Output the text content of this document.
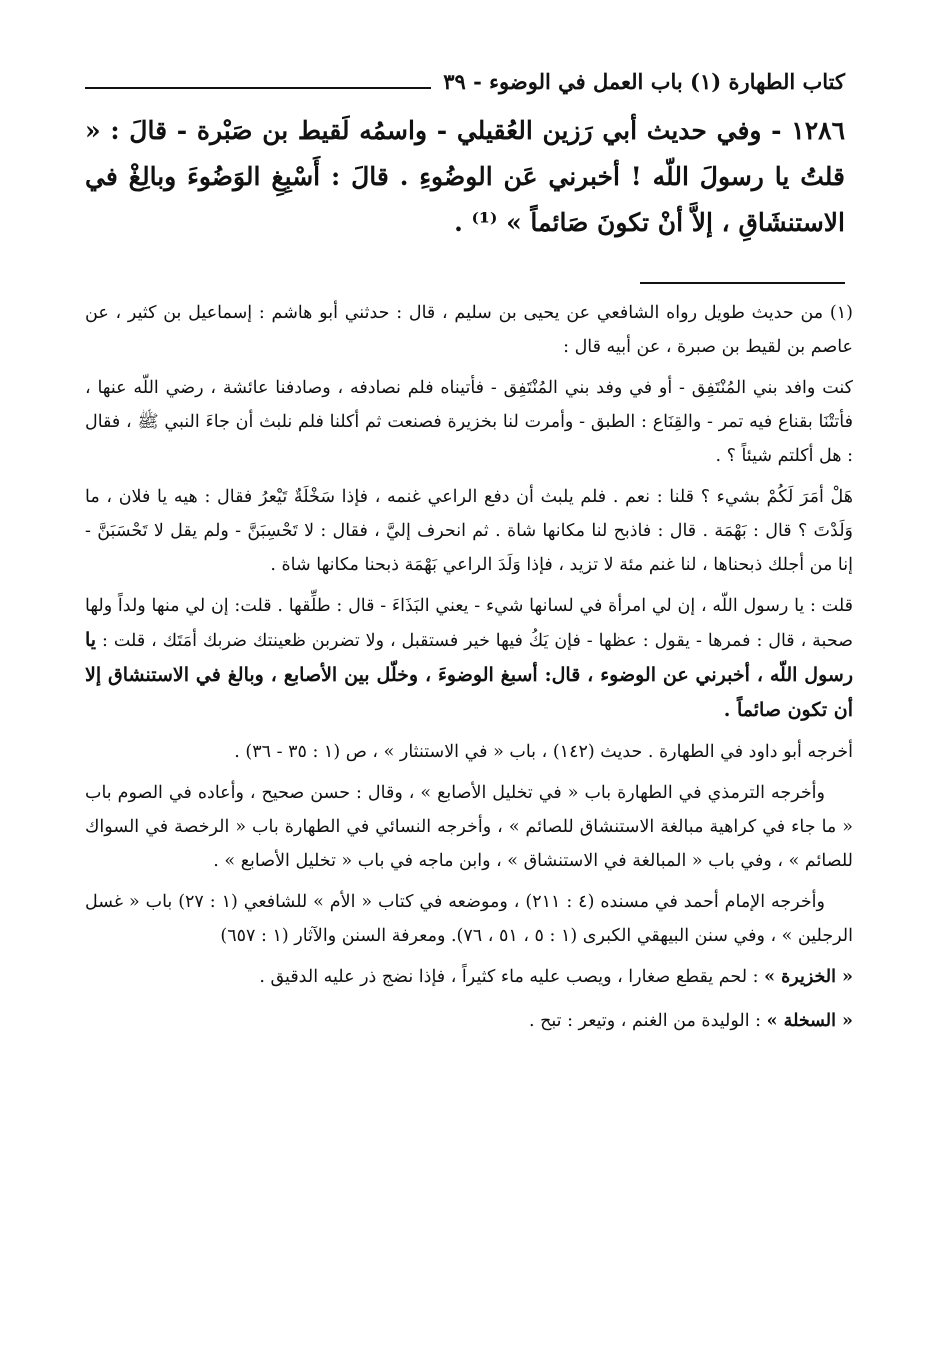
كتاب الطهارة (١) باب العمل في الوضوء - ٣٩

١٢٨٦ - وفي حديث أبي رَزين العُقيلي - واسمُه لَقيط بن صَبْرة - قالَ : « قلتُ يا رسولَ اللّه ! أخبرني عَن الوضُوءِ . قالَ : أَسْبِغِ الوَضُوءَ وبالِغْ في الاستنشَاقِ ، إلاَّ أنْ تكونَ صَائماً » ⁽¹⁾ .

(١) من حديث طويل رواه الشافعي عن يحيى بن سليم ، قال : حدثني أبو هاشم : إسماعيل بن كثير ، عن عاصم بن لقيط بن صبرة ، عن أبيه قال :

كنت وافد بني المُنْتَفِق - أو في وفد بني المُنْتَفِق - فأتيناه فلم نصادفه ، وصادفنا عائشة ، رضي اللّه عنها ، فأتتْنَا بقناع فيه تمر - والقِنَاع : الطبق - وأمرت لنا بخزيرة فصنعت ثم أكلنا فلم نلبث أن جاءَ النبي ﷺ ، فقال : هل أكلتم شيئاً ؟ .

هَلْ أمَرَ لَكُمْ بشيء ؟ قلنا : نعم . فلم يلبث أن دفع الراعي غنمه ، فإذا سَخْلَةٌ تَيْعرُ فقال : هيه يا فلان ، ما وَلَدْتَ ؟ قال : بَهْمَة . قال : فاذبح لنا مكانها شاة . ثم انحرف إليَّ ، فقال : لا تَحْسِبَنَّ - ولم يقل لا تَحْسَبَنَّ - إنا من أجلك ذبحناها ، لنا غنم مئة لا تزيد ، فإذا وَلَدَ الراعي بَهْمَة ذبحنا مكانها شاة .

قلت : يا رسول اللّه ، إن لي امرأة في لسانها شيء - يعني البَذَاءَ - قال : طلِّقها . قلت: إن لي منها ولداً ولها صحبة ، قال : فمرها - يقول : عظها - فإن يَكُ فيها خير فستقبل ، ولا تضربن ظعينتك ضربك أمَتَك ، قلت : يا رسول اللّه ، أخبرني عن الوضوء ، قال: أسبغ الوضوءَ ، وخلّل بين الأصابع ، وبالغ في الاستنشاق إلا أن تكون صائماً .

أخرجه أبو داود في الطهارة . حديث (١٤٢) ، باب « في الاستنثار » ، ص (١ : ٣٥ - ٣٦) .

وأخرجه الترمذي في الطهارة باب « في تخليل الأصابع » ، وقال : حسن صحيح ، وأعاده في الصوم باب « ما جاء في كراهية مبالغة الاستنشاق للصائم » ، وأخرجه النسائي في الطهارة باب « الرخصة في السواك للصائم » ، وفي باب « المبالغة في الاستنشاق » ، وابن ماجه في باب « تخليل الأصابع » .

وأخرجه الإمام أحمد في مسنده (٤ : ٢١١) ، وموضعه في كتاب « الأم » للشافعي (١ : ٢٧) باب « غسل الرجلين » ، وفي سنن البيهقي الكبرى (١ : ٥ ، ٥١ ، ٧٦). ومعرفة السنن والآثار (١ : ٦٥٧)

« الخزيرة » : لحم يقطع صغارا ، ويصب عليه ماء كثيراً ، فإذا نضج ذر عليه الدقيق .

« السخلة » : الوليدة من الغنم ، وتيعر : تبح .
